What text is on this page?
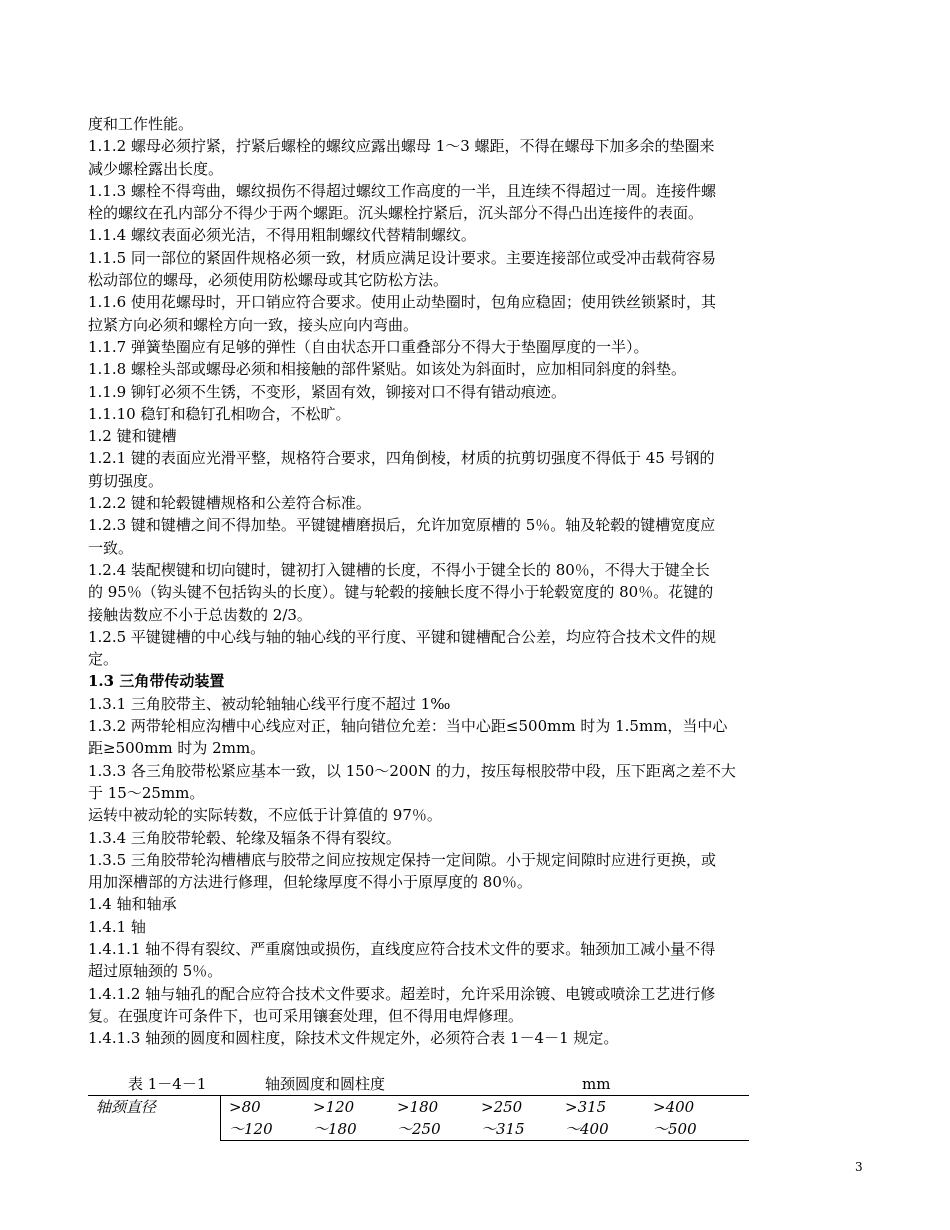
度和工作性能。

1.1.2 螺母必须拧紧，拧紧后螺栓的螺纹应露出螺母 1～3 螺距，不得在螺母下加多余的垫圈来

减少螺栓露出长度。

1.1.3 螺栓不得弯曲，螺纹损伤不得超过螺纹工作高度的一半，且连续不得超过一周。连接件螺

栓的螺纹在孔内部分不得少于两个螺距。沉头螺栓拧紧后，沉头部分不得凸出连接件的表面。

1.1.4 螺纹表面必须光洁，不得用粗制螺纹代替精制螺纹。

1.1.5 同一部位的紧固件规格必须一致，材质应满足设计要求。主要连接部位或受冲击载荷容易

松动部位的螺母，必须使用防松螺母或其它防松方法。

1.1.6 使用花螺母时，开口销应符合要求。使用止动垫圈时，包角应稳固；使用铁丝锁紧时，其

拉紧方向必须和螺栓方向一致，接头应向内弯曲。

1.1.7 弹簧垫圈应有足够的弹性（自由状态开口重叠部分不得大于垫圈厚度的一半）。

1.1.8 螺栓头部或螺母必须和相接触的部件紧贴。如该处为斜面时，应加相同斜度的斜垫。

1.1.9 铆钉必须不生锈，不变形，紧固有效，铆接对口不得有错动痕迹。

1.1.10 稳钉和稳钉孔相吻合，不松旷。

1.2 键和键槽

1.2.1 键的表面应光滑平整，规格符合要求，四角倒棱，材质的抗剪切强度不得低于 45 号钢的

剪切强度。

1.2.2 键和轮毂键槽规格和公差符合标准。

1.2.3 键和键槽之间不得加垫。平键键槽磨损后，允许加宽原槽的 5％。轴及轮毂的键槽宽度应

一致。

1.2.4 装配楔键和切向键时，键初打入键槽的长度，不得小于键全长的 80％，不得大于键全长

的 95％（钩头键不包括钩头的长度）。键与轮毂的接触长度不得小于轮毂宽度的 80％。花键的

接触齿数应不小于总齿数的 2/3。

1.2.5 平键键槽的中心线与轴的轴心线的平行度、平键和键槽配合公差，均应符合技术文件的规

定。

1.3 三角带传动装置

1.3.1 三角胶带主、被动轮轴轴心线平行度不超过 1‰

1.3.2 两带轮相应沟槽中心线应对正，轴向错位允差：当中心距≤500mm 时为 1.5mm，当中心

距≥500mm 时为 2mm。

1.3.3 各三角胶带松紧应基本一致，以 150～200N 的力，按压每根胶带中段，压下距离之差不大

于 15～25mm。

运转中被动轮的实际转数，不应低于计算值的 97％。

1.3.4 三角胶带轮毂、轮缘及辐条不得有裂纹。

1.3.5 三角胶带轮沟槽槽底与胶带之间应按规定保持一定间隙。小于规定间隙时应进行更换，或

用加深槽部的方法进行修理，但轮缘厚度不得小于原厚度的 80％。

1.4 轴和轴承

1.4.1 轴

1.4.1.1 轴不得有裂纹、严重腐蚀或损伤，直线度应符合技术文件的要求。轴颈加工减小量不得

超过原轴颈的 5％。

1.4.1.2 轴与轴孔的配合应符合技术文件要求。超差时，允许采用涂镀、电镀或喷涂工艺进行修

复。在强度许可条件下，也可采用镶套处理，但不得用电焊修理。

1.4.1.3 轴颈的圆度和圆柱度，除技术文件规定外，必须符合表 1－4－1 规定。

表 1－4－1	轴颈圆度和圆柱度	mm
轴颈直径	>80	>120	>180	>250	>315	>400
	～120	～180	～250	～315	～400	～500
3
